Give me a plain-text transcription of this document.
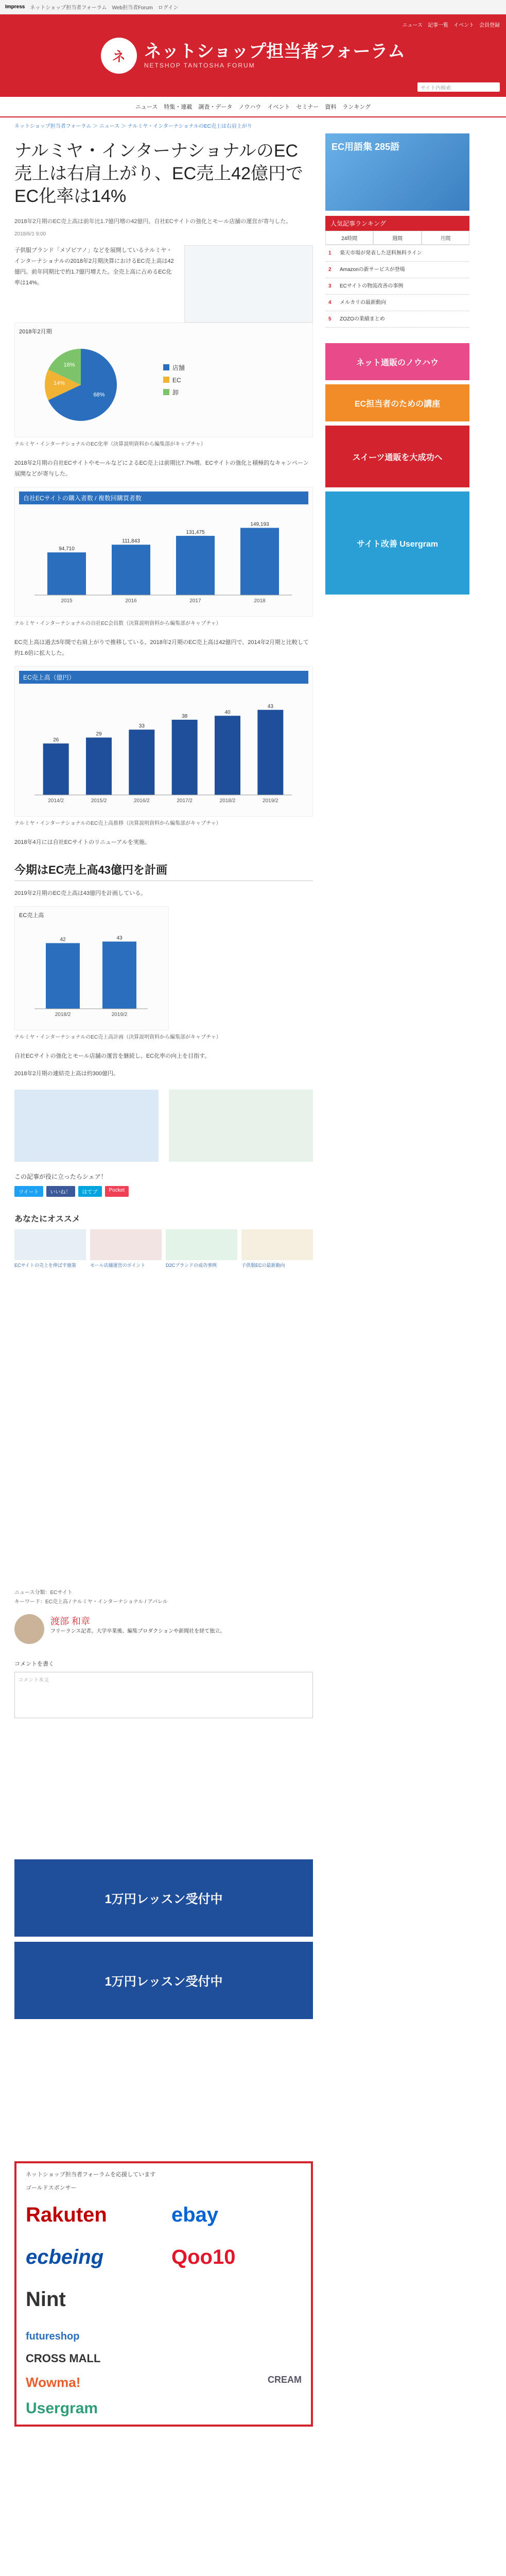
Impress ネットショップ担当者フォーラム Web担当者Forum ログイン
ネ	ネットショップ担当者フォーラム
NETSHOP TANTOSHA FORUM
ニュース 記事一覧 イベント 会員登録
サイト内検索
ニュース 特集・連載 調査・データ ノウハウ イベント セミナー 資料 ランキング
ネットショップ担当者フォーラム ＞ ニュース ＞ ナルミヤ・インターナショナルのEC売上は右肩上がり
ナルミヤ・インターナショナルのEC売上は右肩上がり、EC売上42億円でEC化率は14%

2018年2月期のEC売上高は前年比1.7億円増の42億円。自社ECサイトの強化とモール店舗の運営が寄与した。

2018/6/1 9:00

子供服ブランド「メゾピアノ」などを展開しているナルミヤ・インターナショナルの2018年2月期決算におけるEC売上高は42億円。前年同期比で約1.7億円増えた。全売上高に占めるEC化率は14%。

2018年2月期
68%
14%
18%	店舗
EC
卸

ナルミヤ・インターナショナルのEC化率（決算説明資料から編集部がキャプチャ）

2018年2月期の自社ECサイトやモールなどによるEC売上は前期比7.7%増。ECサイトの強化と積極的なキャンペーン展開などが寄与した。

自社ECサイトの購入者数 / 複数回購買者数
94,710
2015
111,843
2016
131,475
2017
149,193
2018

ナルミヤ・インターナショナルの自社EC会員数（決算説明資料から編集部がキャプチャ）

EC売上高は過去5年間で右肩上がりで推移している。2018年2月期のEC売上高は42億円で、2014年2月期と比較して約1.6倍に拡大した。

EC売上高（億円）
26
2014/2
29
2015/2
33
2016/2
38
2017/2
40
2018/2
43
2019/2

ナルミヤ・インターナショナルのEC売上高推移（決算説明資料から編集部がキャプチャ）

2018年4月には自社ECサイトのリニューアルを実施。

今期はEC売上高43億円を計画

2019年2月期のEC売上高は43億円を計画している。

EC売上高
42
2018/2
43
2019/2

ナルミヤ・インターナショナルのEC売上高計画（決算説明資料から編集部がキャプチャ）

自社ECサイトの強化とモール店舗の運営を継続し、EC化率の向上を目指す。

2018年2月期の連結売上高は約300億円。

この記事が役に立ったらシェア！

ツイート	いいね！	はてブ	Pocket
あなたにオススメ

ECサイトの売上を伸ばす施策	モール店舗運営のポイント	D2Cブランドの成功事例	子供服ECの最新動向

ニュース分類：ECサイト

キーワード：EC売上高 / ナルミヤ・インターナショナル / アパレル

渡部 和章

フリーランス記者。大学卒業後、編集プロダクションや新聞社を経て独立。

コメントを書く

コメント本文
1万円レッスン受付中
1万円レッスン受付中

ネットショップ担当者フォーラムを応援しています

ゴールドスポンサー

Rakuten	ebay
ecbeing	Qoo10
Nint
futureshop
CROSS MALL
Wowma!	CREAM
Usergram
EC用語集 285語
人気記事ランキング
24時間	週間	月間
1	楽天市場が発表した送料無料ライン
2	Amazonの新サービスが登場
3	ECサイトの物流改善の事例
4	メルカリの最新動向
5	ZOZOの業績まとめ
ネット通販のノウハウ
EC担当者のための講座
スイーツ通販を大成功へ
サイト改善 Usergram
